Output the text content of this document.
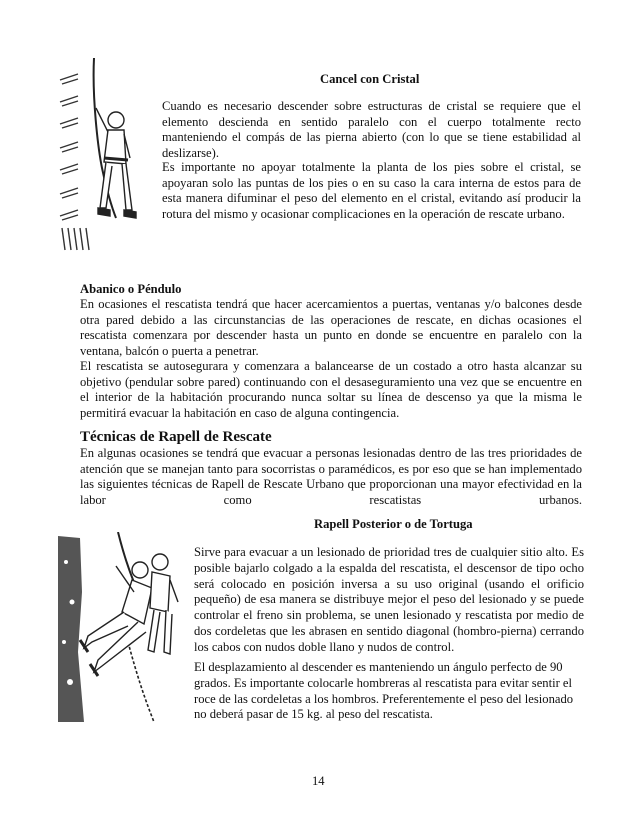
Cancel con Cristal

Cuando es necesario descender sobre estructuras de cristal se requiere que el elemento descienda en sentido paralelo con el cuerpo totalmente recto manteniendo el compás de las pierna abierto (con lo que se tiene estabilidad al deslizarse).

Es importante no apoyar totalmente la planta de los pies sobre el cristal, se apoyaran solo las puntas de los pies o en su caso la cara interna de estos para de esta manera difuminar el peso del elemento en el cristal, evitando así producir la rotura del mismo y ocasionar complicaciones en la operación de rescate urbano.

Abanico o Péndulo

En ocasiones el rescatista tendrá que hacer acercamientos a puertas, ventanas y/o balcones desde otra pared debido a las circunstancias de las operaciones de rescate, en dichas ocasiones el rescatista comenzara por descender hasta un punto en donde se encuentre en paralelo con la ventana, balcón o puerta a penetrar.

El rescatista se autosegurara y comenzara a balancearse de un costado a otro hasta alcanzar su objetivo (pendular sobre pared) continuando con el desaseguramiento una vez que se encuentre en el interior de la habitación procurando nunca soltar su línea de descenso ya que la misma le permitirá evacuar la habitación en caso de alguna contingencia.

Técnicas de Rapell de Rescate

En algunas ocasiones se tendrá que evacuar a personas lesionadas dentro de las tres prioridades de atención que se manejan tanto para socorristas o paramédicos, es por eso que se han implementado las siguientes técnicas de Rapell de Rescate Urbano que proporcionan una mayor efectividad en la labor como rescatistas urbanos.

Rapell Posterior o de Tortuga

Sirve para evacuar a un lesionado de prioridad tres de cualquier sitio alto. Es posible bajarlo colgado a la espalda del rescatista, el descensor de tipo ocho será colocado en posición inversa a su uso original (usando el orificio pequeño) de esa manera se distribuye mejor el peso del lesionado y se puede controlar el freno sin problema, se unen lesionado y rescatista por medio de dos cordeletas que les abrasen en sentido diagonal (hombro-pierna) cerrando los cabos con nudos doble llano y nudos de control.

El desplazamiento al descender es manteniendo un ángulo perfecto de 90 grados. Es importante colocarle hombreras al rescatista para evitar sentir el roce de las cordeletas a los hombros. Preferentemente el peso del lesionado no deberá pasar de 15 kg. al peso del rescatista.

14
